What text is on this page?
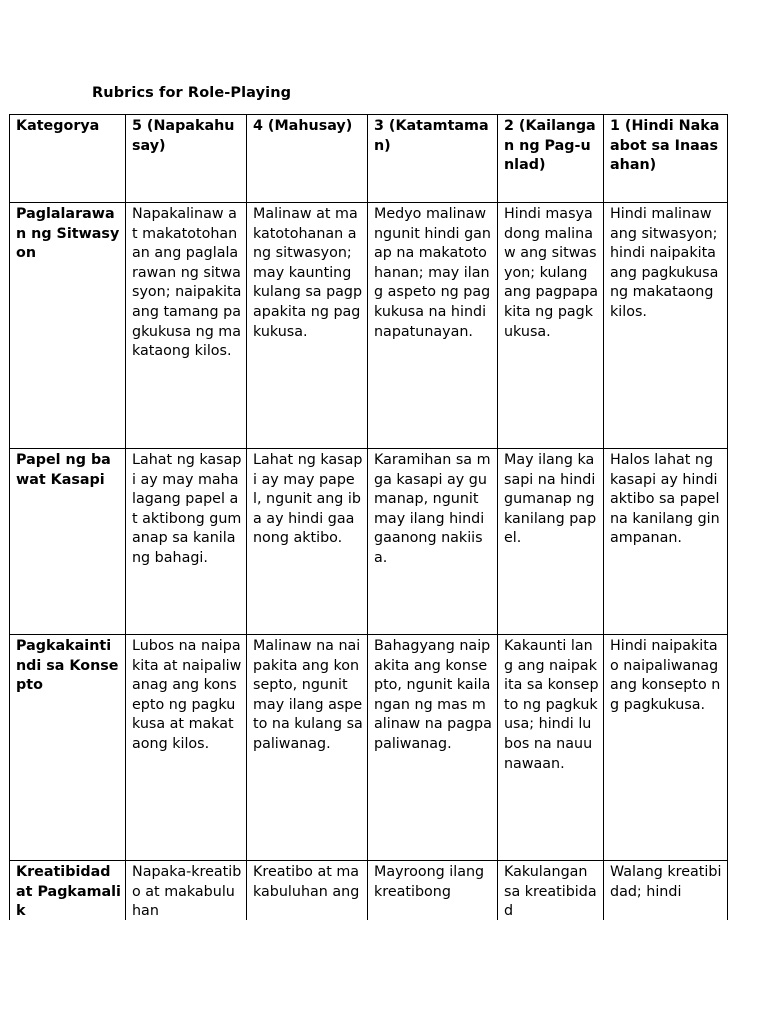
Rubrics for Role-Playing
Kategorya	5 (Napakahusay)	4 (Mahusay)	3 (Katamtaman)	2 (Kailangan ng Pag-unlad)	1 (Hindi Nakaabot sa Inaasahan)
Paglalarawan ng Sitwasyon	Napakalinaw at makatotohanan ang paglalarawan ng sitwasyon; naipakita ang tamang pagkukusa ng makataong kilos.	Malinaw at makatotohanan ang sitwasyon; may kaunting kulang sa pagpapakita ng pagkukusa.	Medyo malinaw ngunit hindi ganap na makatotohanan; may ilang aspeto ng pagkukusa na hindi napatunayan.	Hindi masyadong malinaw ang sitwasyon; kulang ang pagpapakita ng pagkukusa.	Hindi malinaw ang sitwasyon; hindi naipakita ang pagkukusa ng makataong kilos.
Papel ng bawat Kasapi	Lahat ng kasapi ay may mahalagang papel at aktibong gumanap sa kanilang bahagi.	Lahat ng kasapi ay may papel, ngunit ang iba ay hindi gaanong aktibo.	Karamihan sa mga kasapi ay gumanap, ngunit may ilang hindi gaanong nakiisa.	May ilang kasapi na hindi gumanap ng kanilang papel.	Halos lahat ng kasapi ay hindi aktibo sa papel na kanilang ginampanan.
Pagkakaintindi sa Konsepto	Lubos na naipakita at naipaliwanag ang konsepto ng pagkukusa at makataong kilos.	Malinaw na naipakita ang konsepto, ngunit may ilang aspeto na kulang sa paliwanag.	Bahagyang naipakita ang konsepto, ngunit kailangan ng mas malinaw na pagpapaliwanag.	Kakaunti lang ang naipakita sa konsepto ng pagkukusa; hindi lubos na nauunawaan.	Hindi naipakita o naipaliwanag ang konsepto ng pagkukusa.
Kreatibidad at Pagkamalik	Napaka-kreatibo at makabuluhan	Kreatibo at makabuluhan ang	Mayroong ilang kreatibong	Kakulangan sa kreatibidad	Walang kreatibidad; hindi
